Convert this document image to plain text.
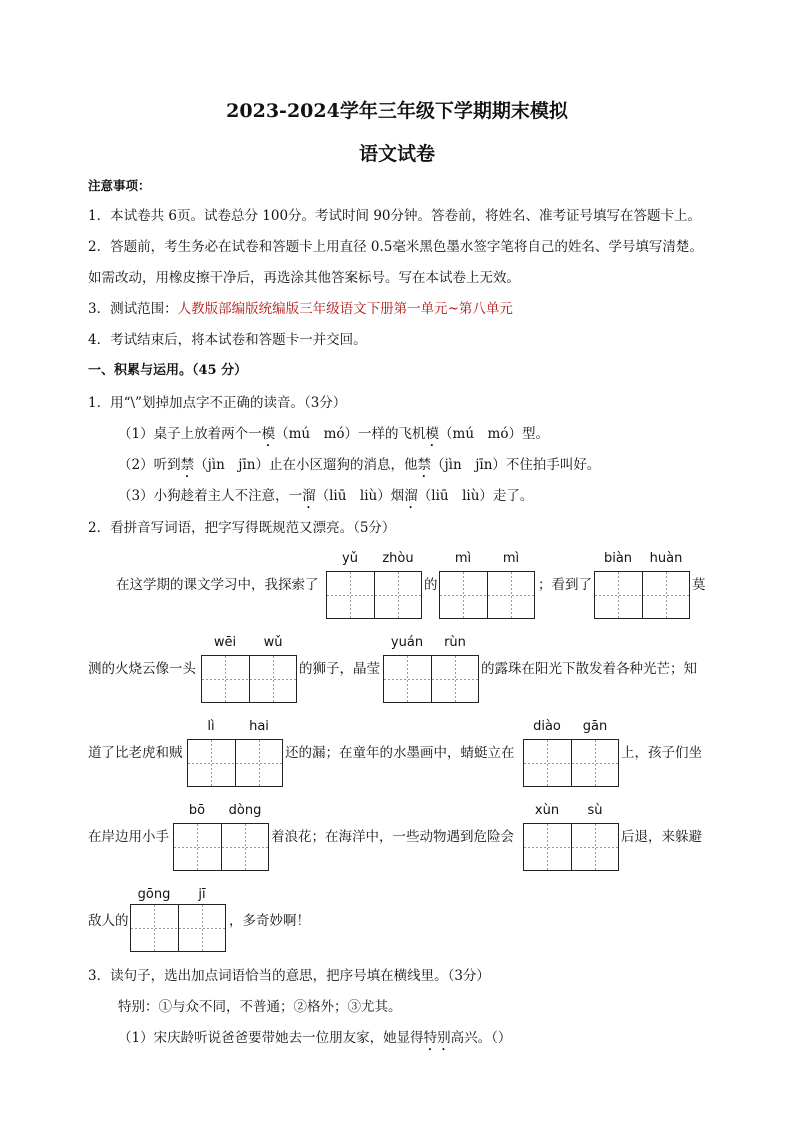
2023-2024学年三年级下学期期末模拟
语文试卷
注意事项：
1．本试卷共 6页。试卷总分 100分。考试时间 90分钟。答卷前，将姓名、准考证号填写在答题卡上。
2．答题前，考生务必在试卷和答题卡上用直径 0.5毫米黑色墨水签字笔将自己的姓名、学号填写清楚。
如需改动，用橡皮擦干净后，再选涂其他答案标号。写在本试卷上无效。
3．测试范围：人教版部编版统编版三年级语文下册第一单元~第八单元
4．考试结束后，将本试卷和答题卡一并交回。
一、积累与运用。（45 分）
1．用“\”划掉加点字不正确的读音。（3分）
（1）桌子上放着两个一模（mú　mó）一样的飞机模（mú　mó）型。
（2）听到禁（jìn　jīn）止在小区遛狗的消息，他禁（jìn　jīn）不住拍手叫好。
（3）小狗趁着主人不注意，一溜（liū　liù）烟溜（liū　liù）走了。
2．看拼音写词语，把字写得既规范又漂亮。（5分）
yǔ	zhòu	mì	mì	biàn	huàn
在这学期的课文学习中，我探索了	的	；看到了	莫
wēi	wǔ	yuán	rùn
测的火烧云像一头	的狮子，晶莹	的露珠在阳光下散发着各种光芒；知
lì	hai	diào	gān
道了比老虎和贼	还的漏；在童年的水墨画中，蜻蜓立在	上，孩子们坐
bō	dòng	xùn	sù
在岸边用小手	着浪花；在海洋中，一些动物遇到危险会	后退，来躲避
gōng	jī
敌人的	，多奇妙啊！
3．读句子，选出加点词语恰当的意思，把序号填在横线里。（3分）
特别：①与众不同，不普通；②格外；③尤其。
（1）宋庆龄听说爸爸要带她去一位朋友家，她显得特别高兴。（）
